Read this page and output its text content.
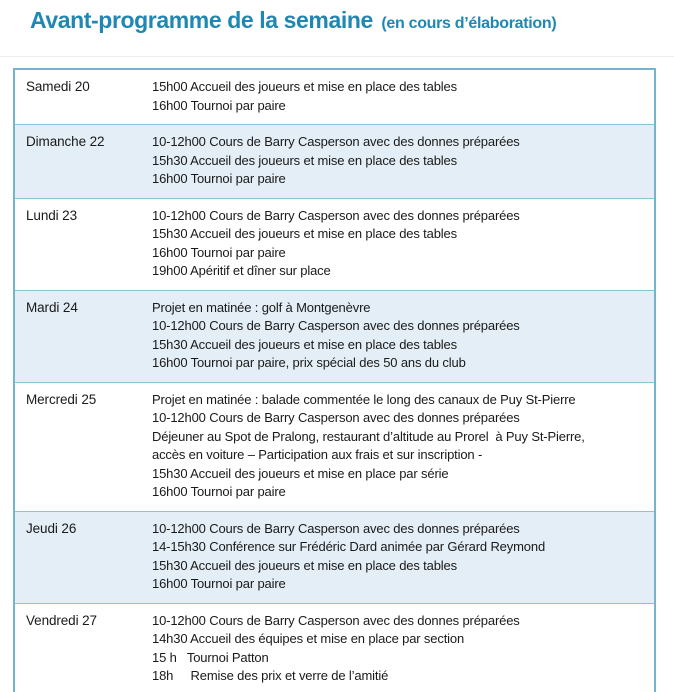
Avant-programme de la semaine (en cours d’élaboration)
Samedi 20	15h00 Accueil des joueurs et mise en place des tables
16h00 Tournoi par paire
Dimanche 22	10-12h00 Cours de Barry Casperson avec des donnes préparées
15h30 Accueil des joueurs et mise en place des tables
16h00 Tournoi par paire
Lundi 23	10-12h00 Cours de Barry Casperson avec des donnes préparées
15h30 Accueil des joueurs et mise en place des tables
16h00 Tournoi par paire
19h00 Apéritif et dîner sur place
Mardi 24	Projet en matinée : golf à Montgenèvre
10-12h00 Cours de Barry Casperson avec des donnes préparées
15h30 Accueil des joueurs et mise en place des tables
16h00 Tournoi par paire, prix spécial des 50 ans du club
Mercredi 25	Projet en matinée : balade commentée le long des canaux de Puy St-Pierre
10-12h00 Cours de Barry Casperson avec des donnes préparées
Déjeuner au Spot de Pralong, restaurant d’altitude au Prorel  à Puy St-Pierre,
accès en voiture – Participation aux frais et sur inscription -
15h30 Accueil des joueurs et mise en place par série
16h00 Tournoi par paire
Jeudi 26	10-12h00 Cours de Barry Casperson avec des donnes préparées
14-15h30 Conférence sur Frédéric Dard animée par Gérard Reymond
15h30 Accueil des joueurs et mise en place des tables
16h00 Tournoi par paire
Vendredi 27	10-12h00 Cours de Barry Casperson avec des donnes préparées
14h30 Accueil des équipes et mise en place par section
15 h   Tournoi Patton
18h     Remise des prix et verre de l’amitié
